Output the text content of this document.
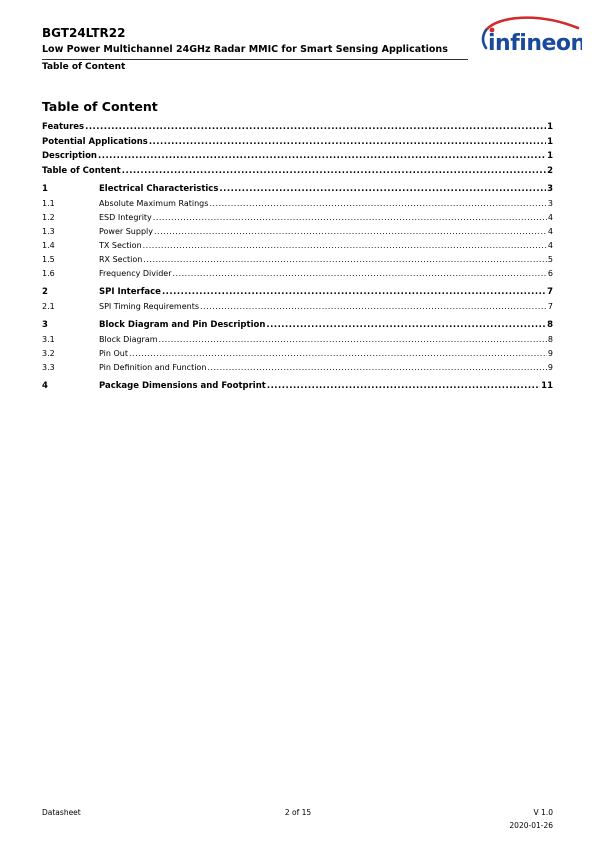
BGT24LTR22
Low Power Multichannel 24GHz Radar MMIC for Smart Sensing Applications
Table of Content
infineon
Table of Content
Features .....	1
Potential Applications .....	1
Description .....	1
Table of Content .....	2
1	Electrical Characteristics .....	3
1.1	Absolute Maximum Ratings .....	3
1.2	ESD Integrity .....	4
1.3	Power Supply .....	4
1.4	TX Section .....	4
1.5	RX Section .....	5
1.6	Frequency Divider .....	6
2	SPI Interface .....	7
2.1	SPI Timing Requirements .....	7
3	Block Diagram and Pin Description .....	8
3.1	Block Diagram .....	8
3.2	Pin Out .....	9
3.3	Pin Definition and Function .....	9
4	Package Dimensions and Footprint .....	11
Datasheet	2 of 15	V 1.0
2020-01-26
